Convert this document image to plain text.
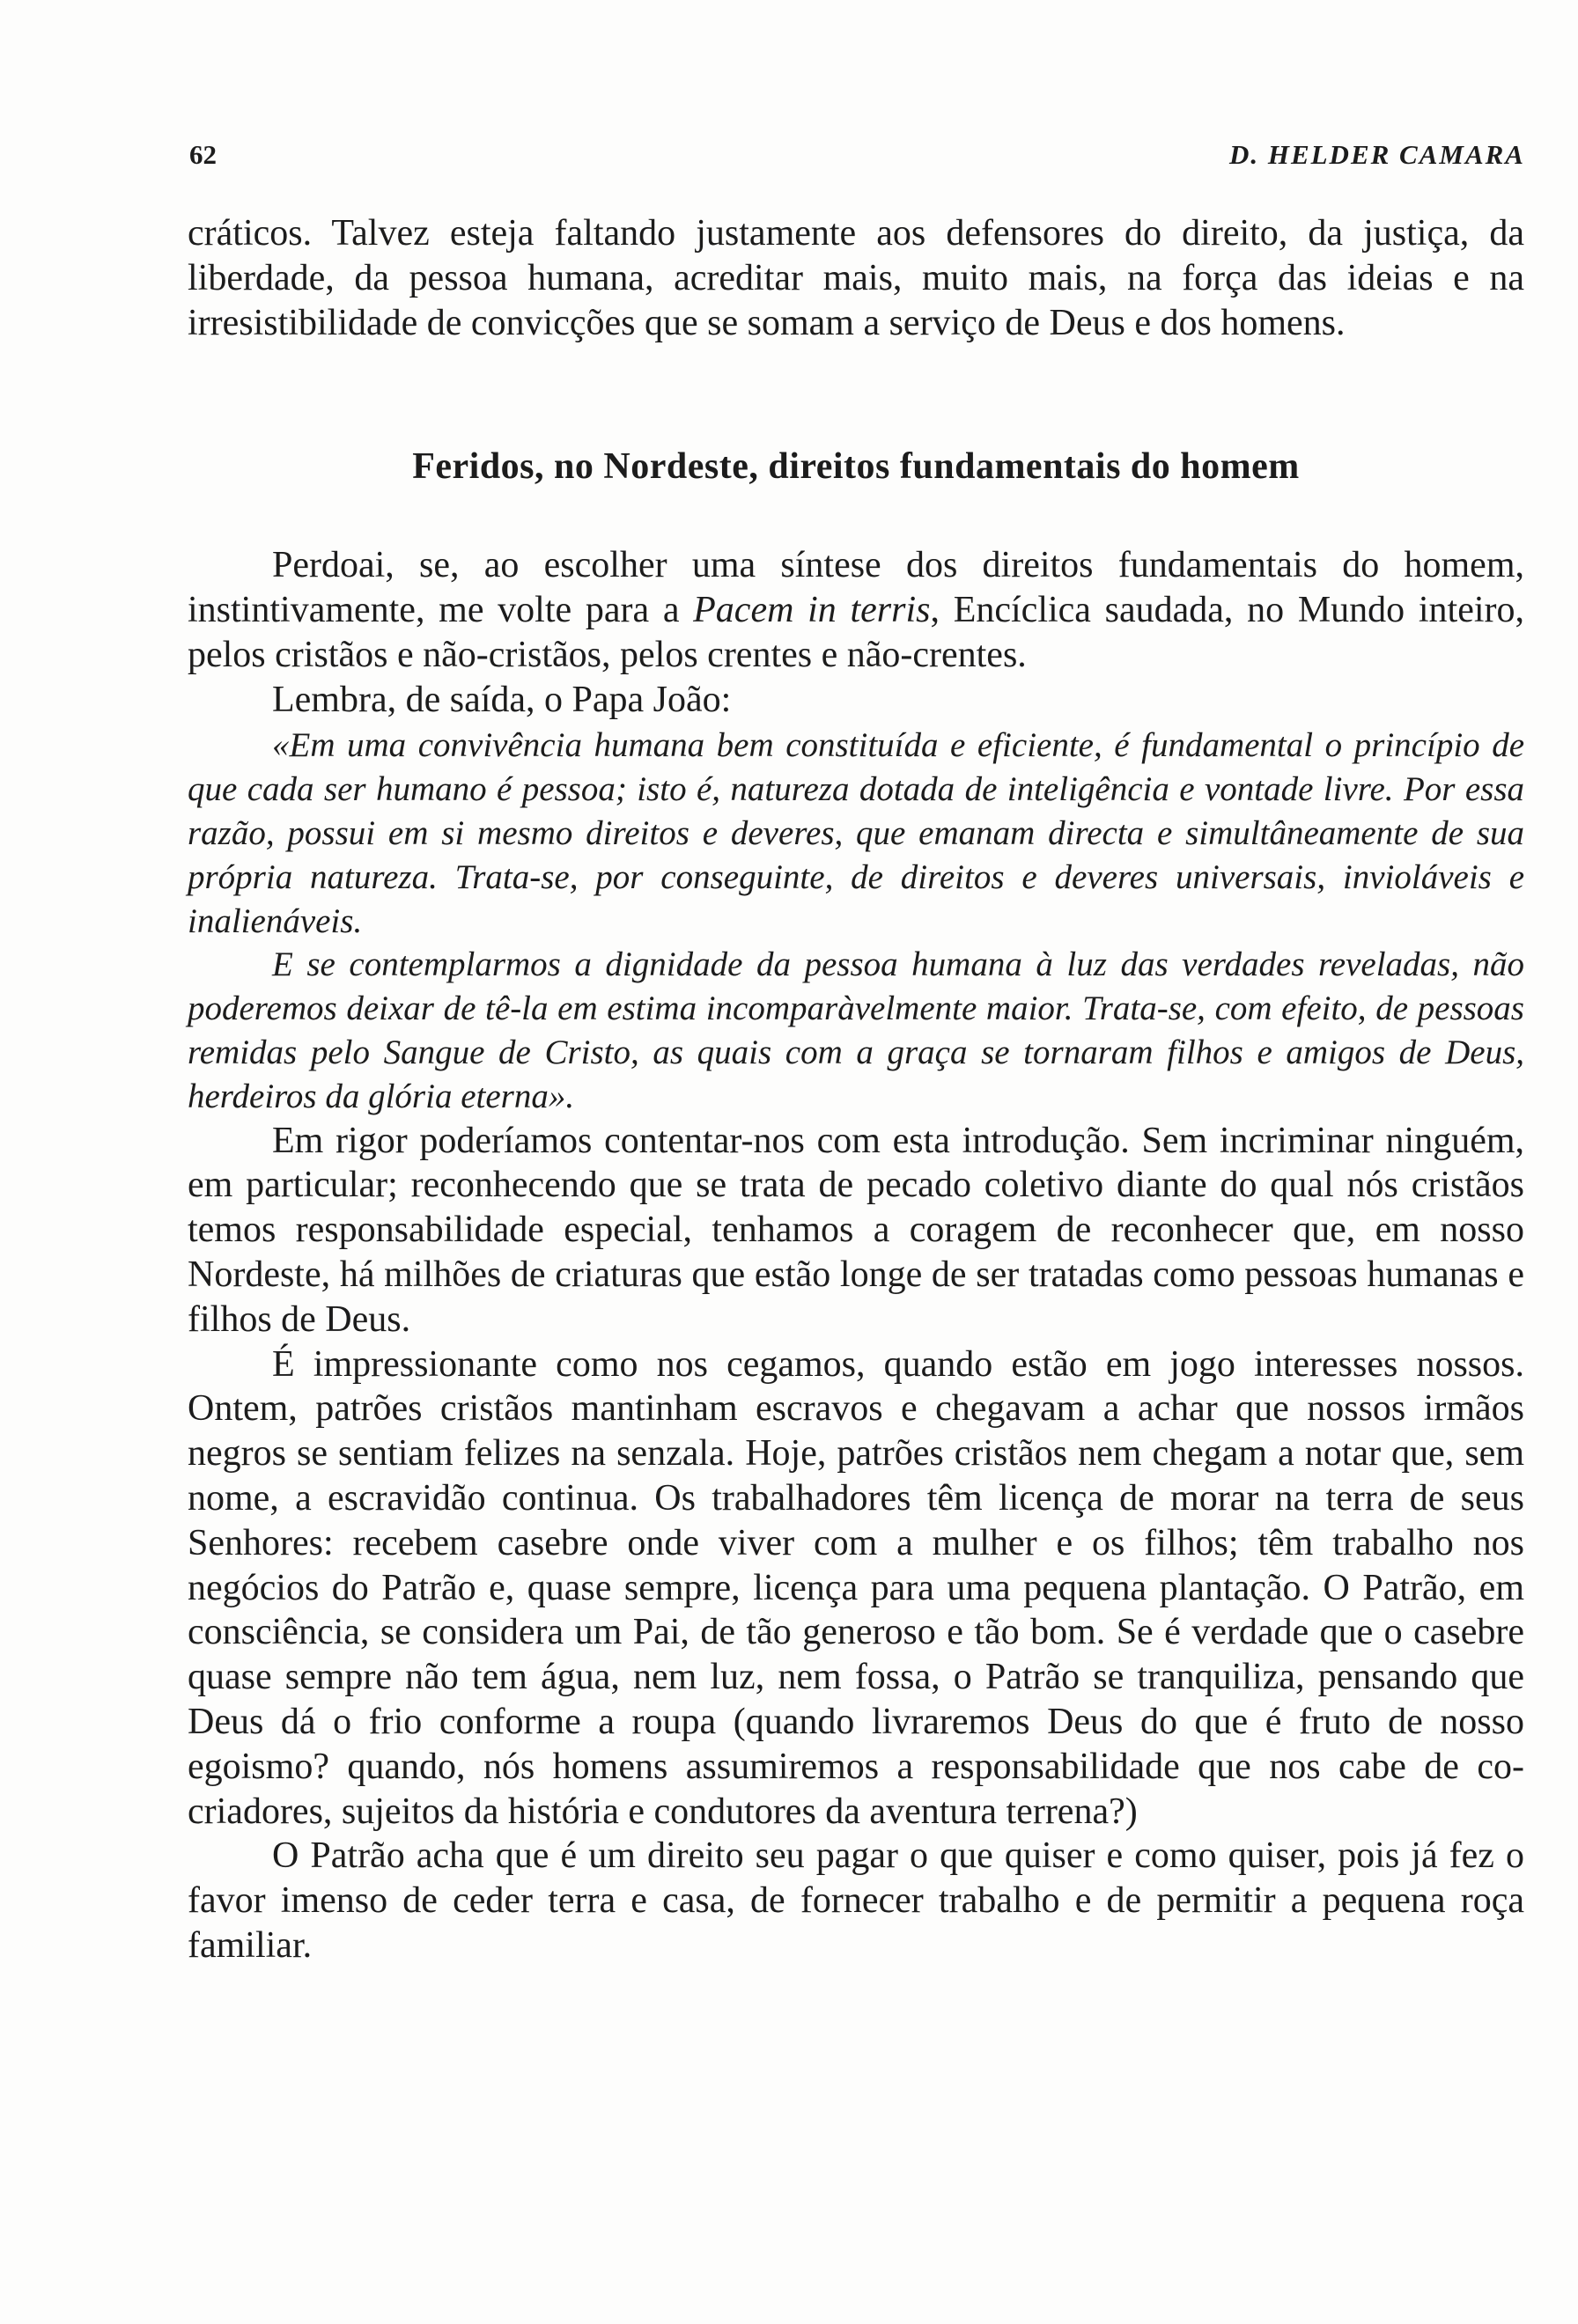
62	D. HELDER CAMARA

cráticos. Talvez esteja faltando justamente aos defensores do direito, da justiça, da liberdade, da pessoa humana, acreditar mais, muito mais, na força das ideias e na irresistibilidade de convicções que se somam a serviço de Deus e dos homens.

Feridos, no Nordeste, direitos fundamentais do homem

Perdoai, se, ao escolher uma síntese dos direitos fundamentais do homem, instintivamente, me volte para a Pacem in terris, Encíclica saudada, no Mundo inteiro, pelos cristãos e não-cristãos, pelos crentes e não-crentes.

Lembra, de saída, o Papa João:

«Em uma convivência humana bem constituída e eficiente, é fundamental o princípio de que cada ser humano é pessoa; isto é, natureza dotada de inteligência e vontade livre. Por essa razão, possui em si mesmo direitos e deveres, que emanam directa e simultâneamente de sua própria natureza. Trata-se, por conseguinte, de direitos e deveres universais, invioláveis e inalienáveis.

E se contemplarmos a dignidade da pessoa humana à luz das verdades reveladas, não poderemos deixar de tê-la em estima incomparàvelmente maior. Trata-se, com efeito, de pessoas remidas pelo Sangue de Cristo, as quais com a graça se tornaram filhos e amigos de Deus, herdeiros da glória eterna».

Em rigor poderíamos contentar-nos com esta introdução. Sem incriminar ninguém, em particular; reconhecendo que se trata de pecado coletivo diante do qual nós cristãos temos responsabilidade especial, tenhamos a coragem de reconhecer que, em nosso Nordeste, há milhões de criaturas que estão longe de ser tratadas como pessoas humanas e filhos de Deus.

É impressionante como nos cegamos, quando estão em jogo interesses nossos. Ontem, patrões cristãos mantinham escravos e chegavam a achar que nossos irmãos negros se sentiam felizes na senzala. Hoje, patrões cristãos nem chegam a notar que, sem nome, a escravidão continua. Os trabalhadores têm licença de morar na terra de seus Senhores: recebem casebre onde viver com a mulher e os filhos; têm trabalho nos negócios do Patrão e, quase sempre, licença para uma pequena plantação. O Patrão, em consciência, se considera um Pai, de tão generoso e tão bom. Se é verdade que o casebre quase sempre não tem água, nem luz, nem fossa, o Patrão se tranquiliza, pensando que Deus dá o frio conforme a roupa (quando livraremos Deus do que é fruto de nosso egoismo? quando, nós homens assumiremos a responsabilidade que nos cabe de co-criadores, sujeitos da história e condutores da aventura terrena?)

O Patrão acha que é um direito seu pagar o que quiser e como quiser, pois já fez o favor imenso de ceder terra e casa, de fornecer trabalho e de permitir a pequena roça familiar.
